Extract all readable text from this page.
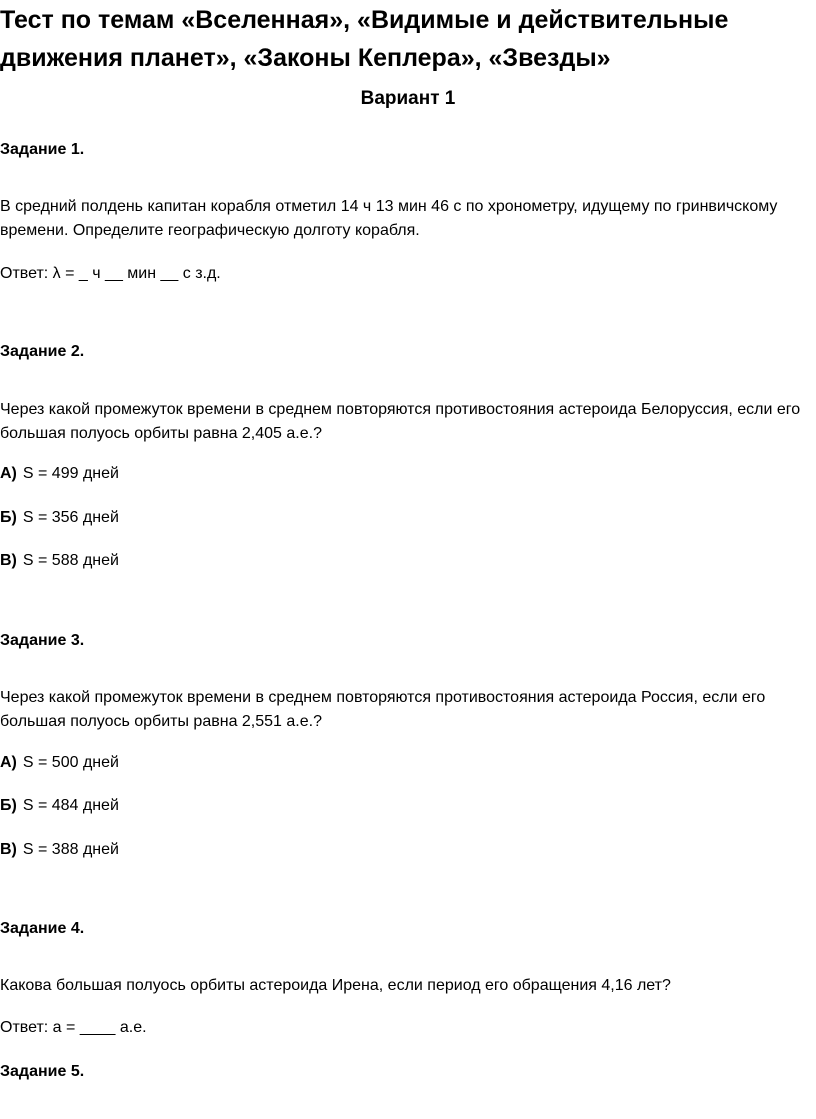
Тест по темам «Вселенная», «Видимые и действительные движения планет», «Законы Кеплера», «Звезды»
Вариант 1
Задание 1.
В средний полдень капитан корабля отметил 14 ч 13 мин 46 с по хронометру, идущему по гринвичскому времени. Определите географическую долготу корабля.
Ответ: λ = _ ч __ мин __ с з.д.
Задание 2.
Через какой промежуток времени в среднем повторяются противостояния астероида Белоруссия, если его большая полуось орбиты равна 2,405 а.е.?
А) S = 499 дней
Б) S = 356 дней
В) S = 588 дней
Задание 3.
Через какой промежуток времени в среднем повторяются противостояния астероида Россия, если его большая полуось орбиты равна 2,551 а.е.?
А) S = 500 дней
Б) S = 484 дней
В) S = 388 дней
Задание 4.
Какова большая полуось орбиты астероида Ирена, если период его обращения 4,16 лет?
Ответ: a = ____ а.е.
Задание 5.
